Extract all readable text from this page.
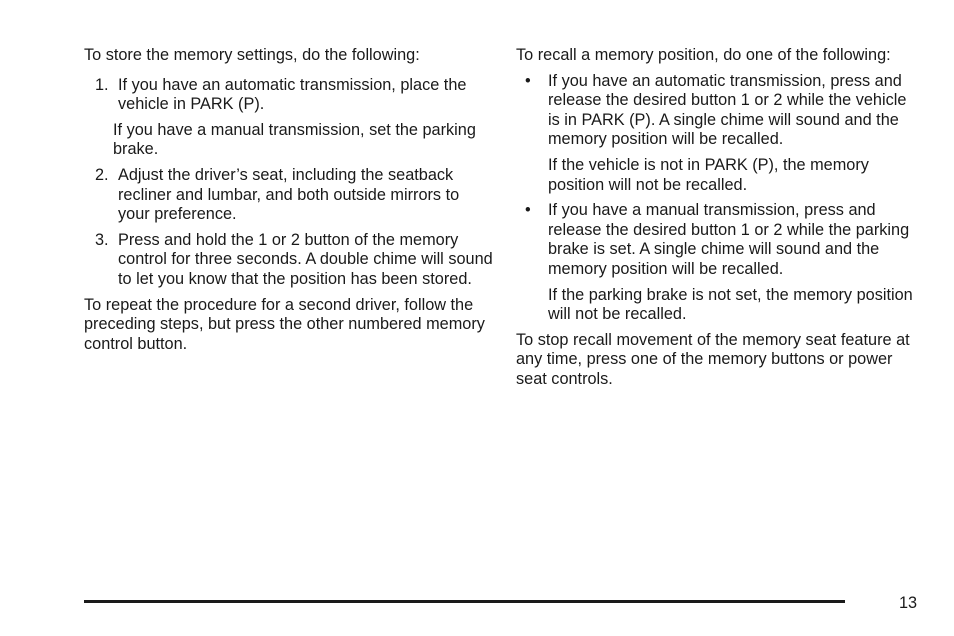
To store the memory settings, do the following:

1. If you have an automatic transmission, place the vehicle in PARK (P).

If you have a manual transmission, set the parking brake.

2. Adjust the driver’s seat, including the seatback recliner and lumbar, and both outside mirrors to your preference.
3. Press and hold the 1 or 2 button of the memory control for three seconds. A double chime will sound to let you know that the position has been stored.

To repeat the procedure for a second driver, follow the preceding steps, but press the other numbered memory control button.

To recall a memory position, do one of the following:

• If you have an automatic transmission, press and release the desired button 1 or 2 while the vehicle is in PARK (P). A single chime will sound and the memory position will be recalled.

If the vehicle is not in PARK (P), the memory position will not be recalled.

• If you have a manual transmission, press and release the desired button 1 or 2 while the parking brake is set. A single chime will sound and the memory position will be recalled.

If the parking brake is not set, the memory position will not be recalled.

To stop recall movement of the memory seat feature at any time, press one of the memory buttons or power seat controls.

13
